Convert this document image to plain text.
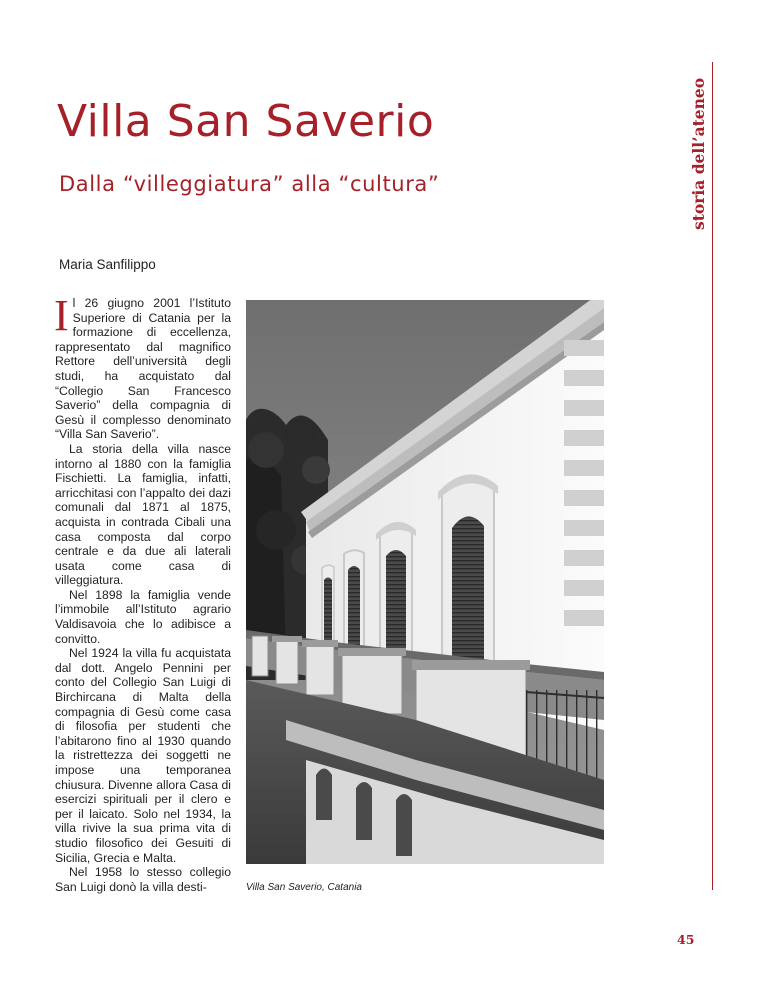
Villa San Saverio
Dalla “villeggiatura” alla “cultura”	storia dell’ateneo
Maria Sanfilippo

Il 26 giugno 2001 l’Istituto Superiore di Catania per la formazione di eccellenza, rappresentato dal magnifico Rettore dell’università degli studi, ha acquistato dal “Collegio San Francesco Saverio” della compagnia di Gesù il complesso denominato “Villa San Saverio”.

La storia della villa nasce intorno al 1880 con la famiglia Fischietti. La famiglia, infatti, arricchitasi con l’appalto dei dazi comunali dal 1871 al 1875, acquista in contrada Cibali una casa composta dal corpo centrale e da due ali laterali usata come casa di villeggiatura.

Nel 1898 la famiglia vende l’immobile all’Istituto agrario Valdisavoia che lo adibisce a convitto.

Nel 1924 la villa fu acquistata dal dott. Angelo Pennini per conto del Collegio San Luigi di Birchircana di Malta della compagnia di Gesù come casa di filosofia per studenti che l’abitarono fino al 1930 quando la ristrettezza dei soggetti ne impose una temporanea chiusura. Divenne allora Casa di esercizi spirituali per il clero e per il laicato. Solo nel 1934, la villa rivive la sua prima vita di studio filosofico dei Gesuiti di Sicilia, Grecia e Malta.

Nel 1958 lo stesso collegio San Luigi donò la villa desti-	Villa San Saverio, Catania
45
